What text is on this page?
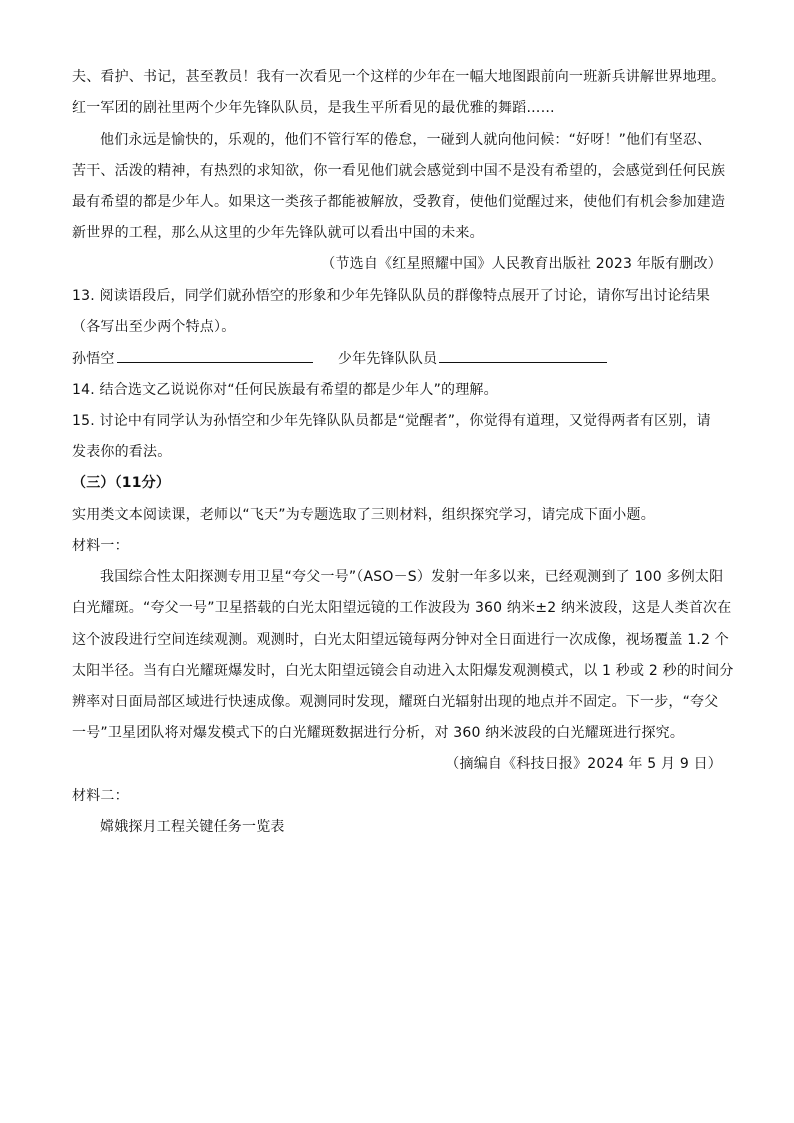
夫、看护、书记，甚至教员！我有一次看见一个这样的少年在一幅大地图跟前向一班新兵讲解世界地理。
红一军团的剧社里两个少年先锋队队员，是我生平所看见的最优雅的舞蹈……
他们永远是愉快的，乐观的，他们不管行军的倦怠，一碰到人就向他问候：“好呀！”他们有坚忍、
苦干、活泼的精神，有热烈的求知欲，你一看见他们就会感觉到中国不是没有希望的，会感觉到任何民族
最有希望的都是少年人。如果这一类孩子都能被解放，受教育，使他们觉醒过来，使他们有机会参加建造
新世界的工程，那么从这里的少年先锋队就可以看出中国的未来。
（节选自《红星照耀中国》人民教育出版社 2023 年版有删改）
13. 阅读语段后，同学们就孙悟空的形象和少年先锋队队员的群像特点展开了讨论，请你写出讨论结果
（各写出至少两个特点）。
孙悟空	少年先锋队队员
14. 结合选文乙说说你对“任何民族最有希望的都是少年人”的理解。
15. 讨论中有同学认为孙悟空和少年先锋队队员都是“觉醒者”，你觉得有道理，又觉得两者有区别，请
发表你的看法。
（三）（11分）
实用类文本阅读课，老师以“飞天”为专题选取了三则材料，组织探究学习，请完成下面小题。
材料一：
我国综合性太阳探测专用卫星“夸父一号”（ASO－S）发射一年多以来，已经观测到了 100 多例太阳
白光耀斑。“夸父一号”卫星搭载的白光太阳望远镜的工作波段为 360 纳米±2 纳米波段，这是人类首次在
这个波段进行空间连续观测。观测时，白光太阳望远镜每两分钟对全日面进行一次成像，视场覆盖 1.2 个
太阳半径。当有白光耀斑爆发时，白光太阳望远镜会自动进入太阳爆发观测模式，以 1 秒或 2 秒的时间分
辨率对日面局部区域进行快速成像。观测同时发现，耀斑白光辐射出现的地点并不固定。下一步，“夸父
一号”卫星团队将对爆发模式下的白光耀斑数据进行分析，对 360 纳米波段的白光耀斑进行探究。
（摘编自《科技日报》2024 年 5 月 9 日）
材料二：
嫦娥探月工程关键任务一览表
